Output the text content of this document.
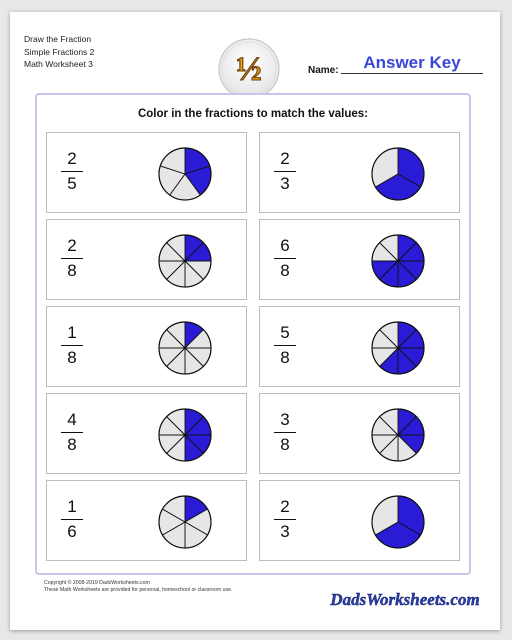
Draw the Fraction
Simple Fractions 2
Math Worksheet 3	½	Name:	Answer Key
Color in the fractions to match the values:
2
5
2
3
2
8
6
8
1
8
5
8
4
8
3
8
1
6
2
3
Copyright © 2008-2019 DadsWorksheets.com
These Math Worksheets are provided for personal, homeschool or classroom use.	DadsWorksheets.com
